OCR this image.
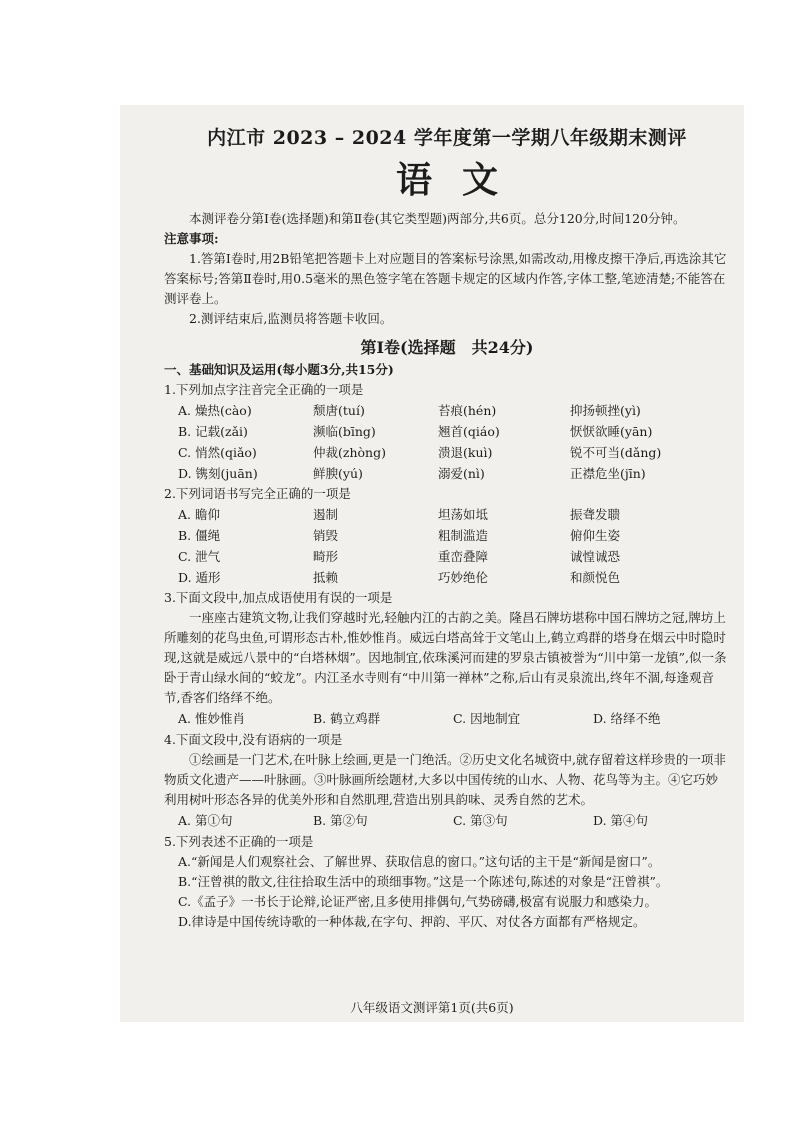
内江市 2023 – 2024 学年度第一学期八年级期末测评
语文

本测评卷分第Ⅰ卷(选择题)和第Ⅱ卷(其它类型题)两部分,共6页。总分120分,时间120分钟。

注意事项:

1.答第Ⅰ卷时,用2B铅笔把答题卡上对应题目的答案标号涂黑,如需改动,用橡皮擦干净后,再选涂其它答案标号;答第Ⅱ卷时,用0.5毫米的黑色签字笔在答题卡规定的区域内作答,字体工整,笔迹清楚;不能答在测评卷上。

2.测评结束后,监测员将答题卡收回。

第Ⅰ卷(选择题　共24分)

一、基础知识及运用(每小题3分,共15分)

1.下列加点字注音完全正确的一项是

A. 燥热(cào)	颓唐(tuí)	苔痕(hén)	抑扬顿挫(yì)
B. 记载(zǎi)	濒临(bīng)	翘首(qiáo)	恹恹欲睡(yān)
C. 悄然(qiǎo)	仲裁(zhòng)	溃退(kuì)	锐不可当(dǎng)
D. 镌刻(juān)	鲜腴(yú)	溺爱(nì)	正襟危坐(jīn)

2.下列词语书写完全正确的一项是

A. 瞻仰	遏制	坦荡如坻	振聋发聩
B. 僵绳	销毁	粗制滥造	俯仰生姿
C. 泄气	畸形	重峦叠障	诚惶诚恐
D. 遁形	抵赖	巧妙绝伦	和颜悦色

3.下面文段中,加点成语使用有误的一项是

一座座古建筑文物,让我们穿越时光,轻触内江的古韵之美。隆昌石牌坊堪称中国石牌坊之冠,牌坊上所雕刻的花鸟虫鱼,可谓形态古朴,惟妙惟肖。威远白塔高耸于文笔山上,鹤立鸡群的塔身在烟云中时隐时现,这就是威远八景中的“白塔林烟”。因地制宜,依珠溪河而建的罗泉古镇被誉为“川中第一龙镇”,似一条卧于青山绿水间的“蛟龙”。内江圣水寺则有“中川第一禅林”之称,后山有灵泉流出,终年不涸,每逢观音节,香客们络绎不绝。

A. 惟妙惟肖	B. 鹤立鸡群	C. 因地制宜	D. 络绎不绝

4.下面文段中,没有语病的一项是

①绘画是一门艺术,在叶脉上绘画,更是一门绝活。②历史文化名城资中,就存留着这样珍贵的一项非物质文化遗产——叶脉画。③叶脉画所绘题材,大多以中国传统的山水、人物、花鸟等为主。④它巧妙利用树叶形态各异的优美外形和自然肌理,营造出别具韵味、灵秀自然的艺术。

A. 第①句	B. 第②句	C. 第③句	D. 第④句

5.下列表述不正确的一项是

A.“新闻是人们观察社会、了解世界、获取信息的窗口。”这句话的主干是“新闻是窗口”。

B.“汪曾祺的散文,往往拾取生活中的琐细事物。”这是一个陈述句,陈述的对象是“汪曾祺”。

C.《孟子》一书长于论辩,论证严密,且多使用排偶句,气势磅礴,极富有说服力和感染力。

D.律诗是中国传统诗歌的一种体裁,在字句、押韵、平仄、对仗各方面都有严格规定。

八年级语文测评第1页(共6页)
